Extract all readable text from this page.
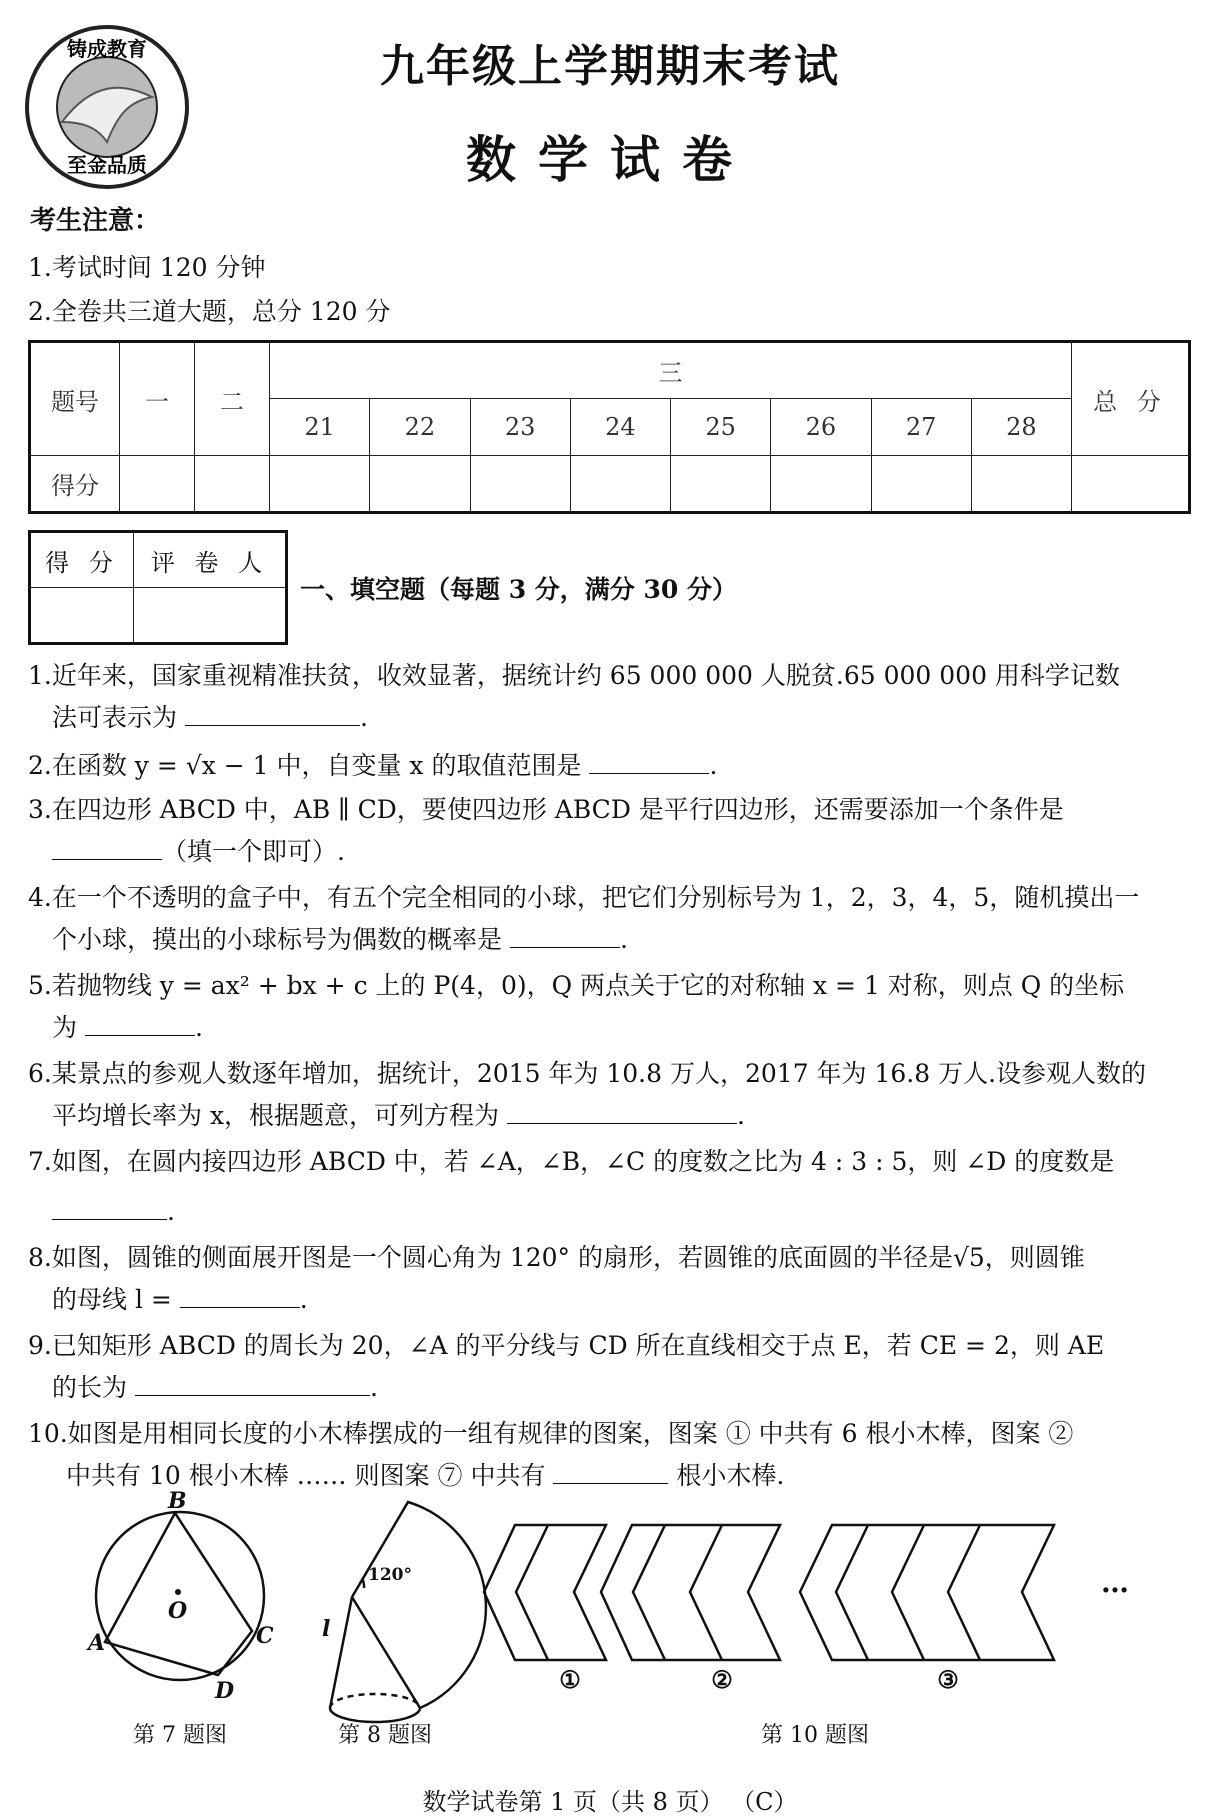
铸成教育
至金品质
九年级上学期期末考试
数学试卷
考生注意：
1.考试时间 120 分钟
2.全卷共三道大题，总分 120 分
题号	一	二	三								总 分
			21	22	23	24	25	26	27	28	
得分											
得 分	评 卷 人

一、填空题（每题 3 分，满分 30 分）
1.近年来，国家重视精准扶贫，收效显著，据统计约 65 000 000 人脱贫.65 000 000 用科学记数
法可表示为	.
2.在函数 y = √x − 1 中，自变量 x 的取值范围是	.
3.在四边形 ABCD 中，AB ∥ CD，要使四边形 ABCD 是平行四边形，还需要添加一个条件是
（填一个即可）.
4.在一个不透明的盒子中，有五个完全相同的小球，把它们分别标号为 1，2，3，4，5，随机摸出一
个小球，摸出的小球标号为偶数的概率是	.
5.若抛物线 y = ax² + bx + c 上的 P(4，0)，Q 两点关于它的对称轴 x = 1 对称，则点 Q 的坐标
为	.
6.某景点的参观人数逐年增加，据统计，2015 年为 10.8 万人，2017 年为 16.8 万人.设参观人数的
平均增长率为 x，根据题意，可列方程为	.
7.如图，在圆内接四边形 ABCD 中，若 ∠A，∠B，∠C 的度数之比为 4 : 3 : 5，则 ∠D 的度数是
.
8.如图，圆锥的侧面展开图是一个圆心角为 120° 的扇形，若圆锥的底面圆的半径是√5，则圆锥
的母线 l =	.
9.已知矩形 ABCD 的周长为 20，∠A 的平分线与 CD 所在直线相交于点 E，若 CE = 2，则 AE
的长为	.
10.如图是用相同长度的小木棒摆成的一组有规律的图案，图案 ① 中共有 6 根小木棒，图案 ②
中共有 10 根小木棒 …… 则图案 ⑦ 中共有	根小木棒.
B
A	C
D
O
l
120°
①	②	③
…
第 7 题图	第 8 题图	第 10 题图
数学试卷第 1 页（共 8 页） （C）
